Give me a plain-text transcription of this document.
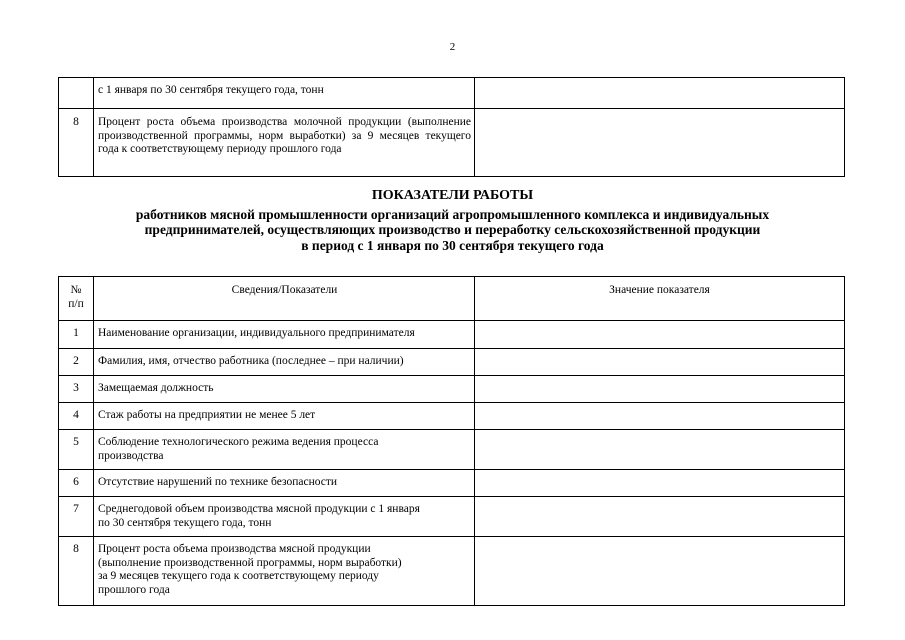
2
	с 1 января по 30 сентября текущего года, тонн	
8	Процент роста объема производства молочной продукции (выполнение производственной программы, норм выработки) за 9 месяцев текущего года к соответствующему периоду прошлого года	
ПОКАЗАТЕЛИ РАБОТЫ
работников мясной промышленности организаций агропромышленного комплекса и индивидуальных
предпринимателей, осуществляющих производство и переработку сельскохозяйственной продукции
в период с 1 января по 30 сентября текущего года
№
п/п	Сведения/Показатели	Значение показателя
1	Наименование организации, индивидуального предпринимателя	
2	Фамилия, имя, отчество работника (последнее – при наличии)	
3	Замещаемая должность	
4	Стаж работы на предприятии не менее 5 лет	
5	Соблюдение технологического режима ведения процесса
производства	

6	Отсутствие нарушений по технике безопасности	
7	Среднегодовой объем производства мясной продукции с 1 января
по 30 сентября текущего года, тонн	

8	Процент роста объема производства мясной продукции
(выполнение производственной программы, норм выработки)
за 9 месяцев текущего года к соответствующему периоду
прошлого года	
